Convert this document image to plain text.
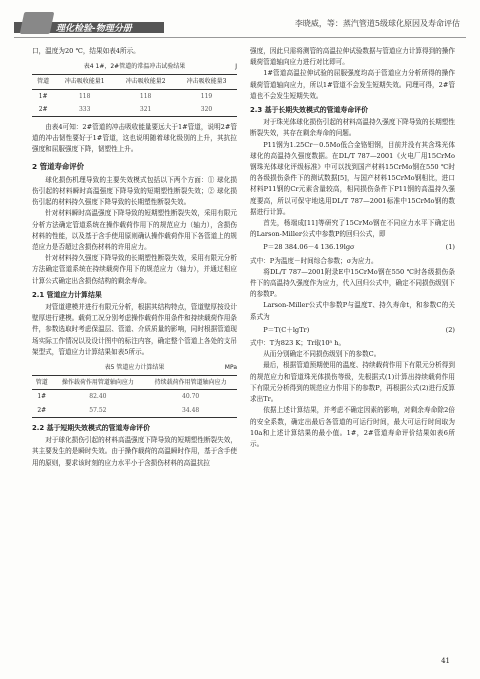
理化检验-物理分册
李晓威，等：蒸汽管道5级球化原因及寿命评估

口，温度为20 ℃，结果如表4所示。

表4 1#，2#管道的常温冲击试验结果	J
管道	冲击吸收能量1	冲击吸收能量2	冲击吸收能量3
1#	118	118	119
2#	333	321	320

由表4可知：2#管道的冲击吸收能量要远大于1#管道，说明2#管道的冲击韧性要好于1#管道，这也说明随着球化级别的上升，其抗拉强度和屈服强度下降，韧塑性上升。

2 管道寿命评价

球化损伤机理导致的主要失效模式包括以下两个方面：① 球化损伤引起的材料瞬时高温强度下降导致的短期塑性断裂失效；② 球化损伤引起的材料持久强度下降导致的长期塑性断裂失效。

针对材料瞬时高温强度下降导致的短期塑性断裂失效，采用有限元分析方法确定管道系统在操作载荷作用下的规范应力（轴力），含损伤材料的性能，以及基于含手使用原则确认操作载荷作用下各管道上的规范应力是否超过含损伤材料的许用应力。

针对材料持久强度下降导致的长期塑性断裂失效，采用有限元分析方法确定管道系统在持续载荷作用下的规范应力（轴力），并通过相应计算公式确定出含损伤结构的剩余寿命。

2.1 管道应力计算结果

对管道建模并进行有限元分析，根据其结构特点，管道壁厚按设计壁厚进行建模。载荷工况分别考虑操作载荷作用条件和持续载荷作用条件，参数选取时考虑保温层、管道、介质质量的影响，同时根据管道现场实际工作情况以及设计图中的标注内容，确定整个管道上各处的支吊架型式，管道应力计算结果如表5所示。

表5 管道应力计算结果	MPa
管道	操作载荷作用管道轴向应力	持续载荷作用管道轴向应力
1#	82.40	40.70
2#	57.52	34.48
2.2 基于短期失效模式的管道寿命评价

对于球化损伤引起的材料高温强度下降导致的短期塑性断裂失效，其主要发生的是瞬时失效。由于操作载荷的高温瞬时作用，基于含手使用的原则，要求该时刻的应力水平小于含损伤材料的高温抗拉

强度，因此只需将测管的高温拉伸试验数据与管道应力计算得到的操作载荷管道轴向应力进行对比即可。

1#管道高温拉伸试验的屈服强度均高于管道应力分析所得的操作载荷管道轴向应力，所以1#管道不会发生短期失效。同理可得，2#管道也不会发生短期失效。

2.3 基于长期失效模式的管道寿命评价

对于珠光体球化损伤引起的材料高温持久强度下降导致的长期塑性断裂失效，其存在剩余寿命的问题。

P11钢为1.25Cr－0.5Mo低合金铬钼钢，目前并没有其含珠光体球化的高温持久强度数据。在DL/T 787—2001《火电厂用15CrMo钢珠光体球化评级标准》中可以找到国产材料15CrMo钢在550 ℃时的各级损伤条件下的测试数据[5]，与国产材料15CrMo钢相比，进口材料P11钢的Cr元素含量较高，相同损伤条件下P11钢的高温持久强度要高，所以可保守地选用DL/T 787—2001标准中15CrMo钢的数据进行计算。

首先，杨端成[11]等研究了15CrMo钢在不同应力水平下确定出的Larson-Miller公式中参数P的回归公式，即

P＝28 384.06－4 136.19lgσ	(1)

式中：P为温度－时间综合参数；σ为应力。

将DL/T 787—2001附录E中15CrMo钢在550 ℃时各级损伤条件下的高温持久强度作为应力，代入回归公式中，确定不同损伤级别下的参数P。

Larson-Miller公式中参数P与温度T、持久寿命t，和参数C的关系式为

P＝T(C＋lgTr)	(2)

式中：T为823 K；Tr取10⁵ h。

从而分别确定不同损伤级别下的参数C。

最后，根据管道预期使用的温度、持续载荷作用下有限元分析得到的规范应力和管道珠光体损伤等级，先根据式(1)计算出持续载荷作用下有限元分析得到的规范应力作用下的参数P，再根据公式(2)进行反算求出Tr。

依据上述计算结果，并考虑不确定因素的影响，对剩余寿命除2倍的安全系数，确定出最后各管道的可运行时间，最大可运行时间取为10a和上述计算结果的最小值。1#，2#管道寿命评价结果如表6所示。

41
